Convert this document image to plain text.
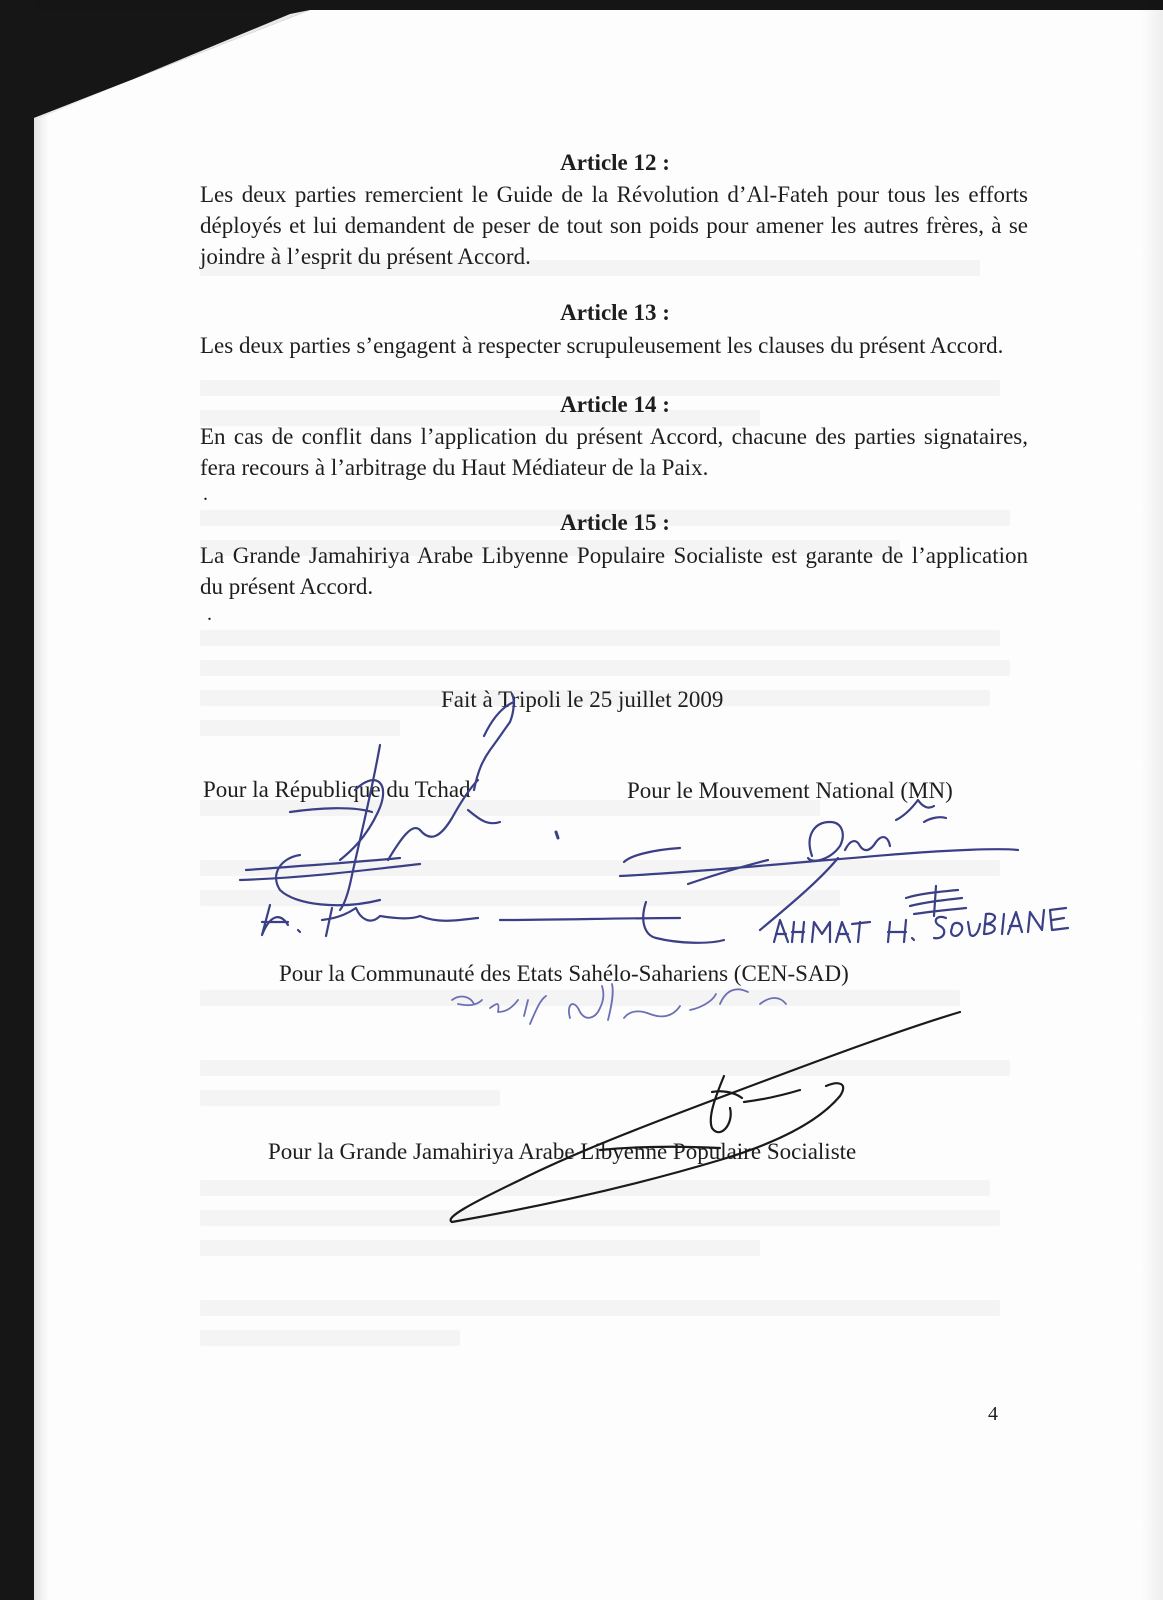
Article 12 :

Les deux parties remercient le Guide de la Révolution d’Al-Fateh pour tous les efforts déployés et lui demandent de peser de tout son poids pour amener les autres frères, à se joindre à l’esprit du présent Accord.

Article 13 :

Les deux parties s’engagent à respecter scrupuleusement les clauses du présent Accord.

Article 14 :

En cas de conflit dans l’application du présent Accord, chacune des parties signataires, fera recours à l’arbitrage du Haut Médiateur de la Paix.

.
Article 15 :

La Grande Jamahiriya Arabe Libyenne Populaire Socialiste est garante de l’application du présent Accord.

.

Fait à Tripoli le 25 juillet 2009

Pour la République du Tchad	Pour le Mouvement National (MN)

Pour la Communauté des Etats Sahélo-Sahariens (CEN-SAD)

Pour la Grande Jamahiriya Arabe Libyenne Populaire Socialiste

4
